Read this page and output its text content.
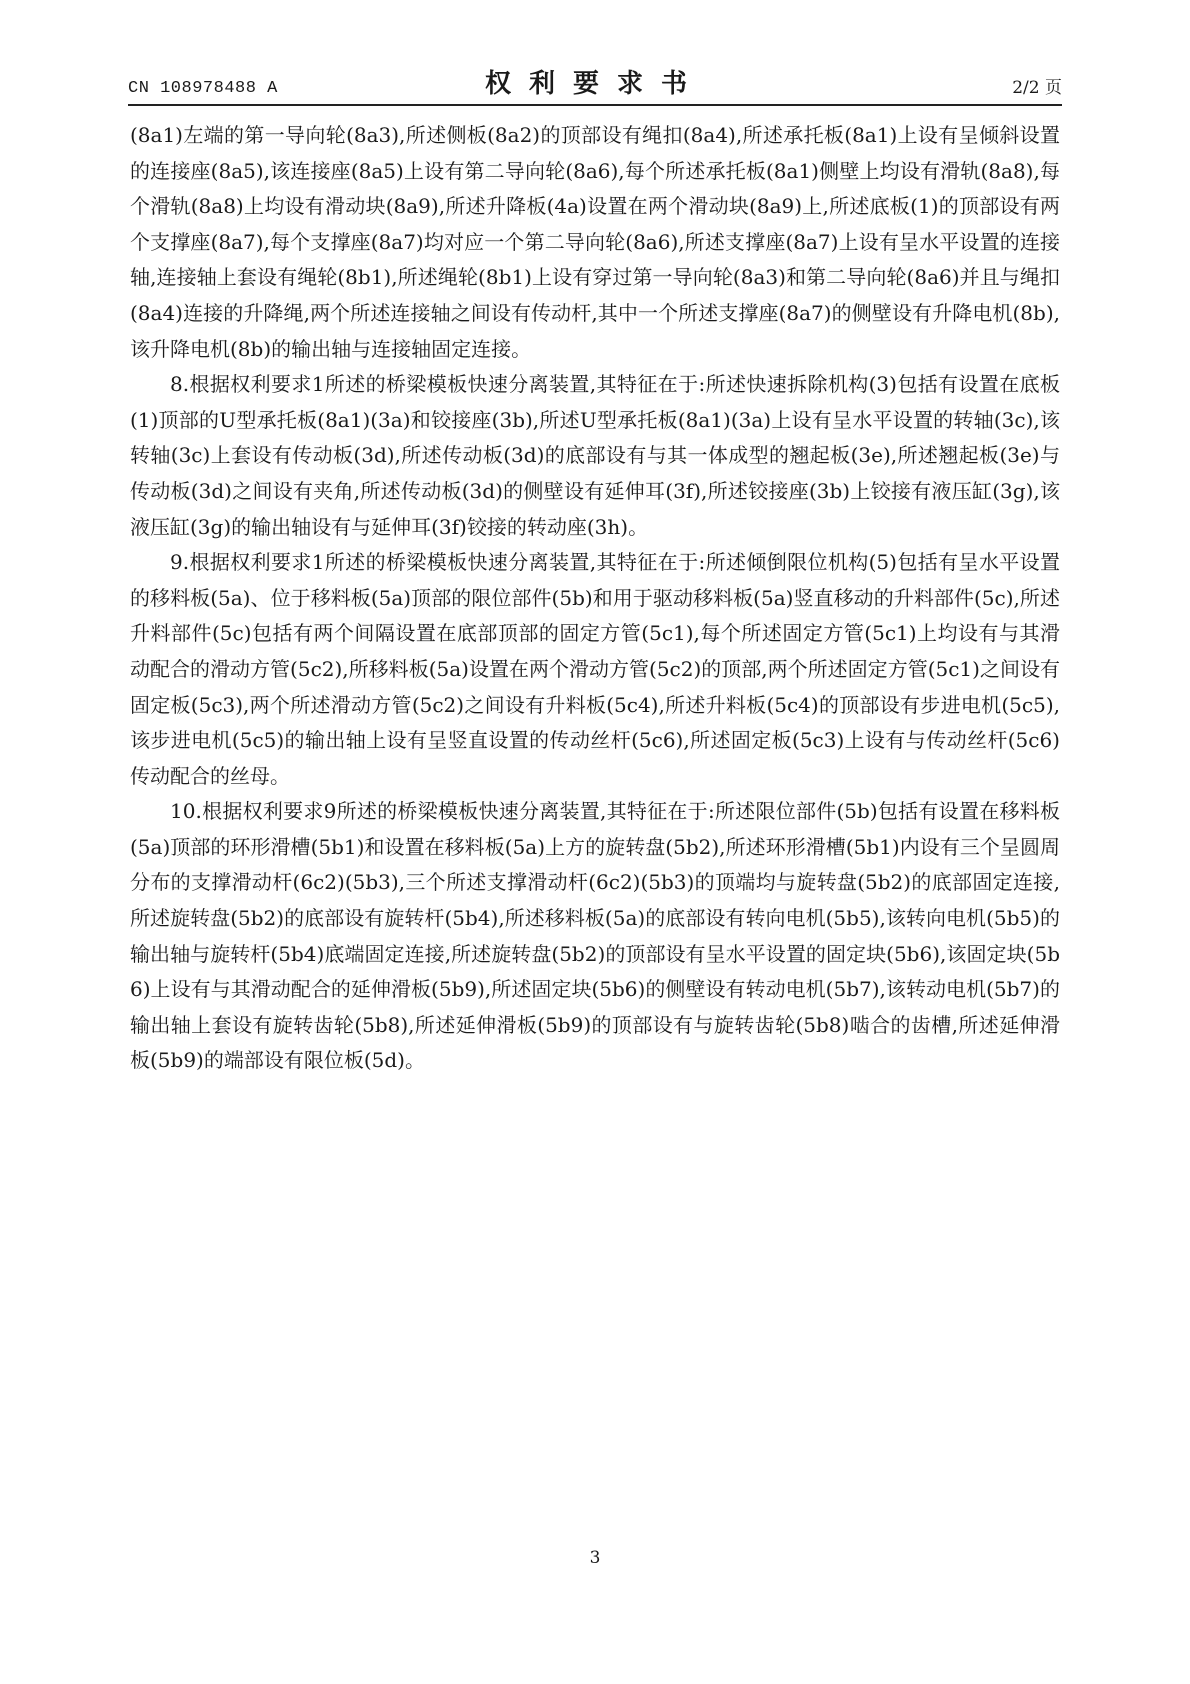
CN 108978488 A	权利要求书	2/2 页

(8a1)左端的第一导向轮(8a3),所述侧板(8a2)的顶部设有绳扣(8a4),所述承托板(8a1)上设有呈倾斜设置的连接座(8a5),该连接座(8a5)上设有第二导向轮(8a6),每个所述承托板(8a1)侧壁上均设有滑轨(8a8),每个滑轨(8a8)上均设有滑动块(8a9),所述升降板(4a)设置在两个滑动块(8a9)上,所述底板(1)的顶部设有两个支撑座(8a7),每个支撑座(8a7)均对应一个第二导向轮(8a6),所述支撑座(8a7)上设有呈水平设置的连接轴,连接轴上套设有绳轮(8b1),所述绳轮(8b1)上设有穿过第一导向轮(8a3)和第二导向轮(8a6)并且与绳扣(8a4)连接的升降绳,两个所述连接轴之间设有传动杆,其中一个所述支撑座(8a7)的侧壁设有升降电机(8b),该升降电机(8b)的输出轴与连接轴固定连接。

8.根据权利要求1所述的桥梁模板快速分离装置,其特征在于:所述快速拆除机构(3)包括有设置在底板(1)顶部的U型承托板(8a1)(3a)和铰接座(3b),所述U型承托板(8a1)(3a)上设有呈水平设置的转轴(3c),该转轴(3c)上套设有传动板(3d),所述传动板(3d)的底部设有与其一体成型的翘起板(3e),所述翘起板(3e)与传动板(3d)之间设有夹角,所述传动板(3d)的侧壁设有延伸耳(3f),所述铰接座(3b)上铰接有液压缸(3g),该液压缸(3g)的输出轴设有与延伸耳(3f)铰接的转动座(3h)。

9.根据权利要求1所述的桥梁模板快速分离装置,其特征在于:所述倾倒限位机构(5)包括有呈水平设置的移料板(5a)、位于移料板(5a)顶部的限位部件(5b)和用于驱动移料板(5a)竖直移动的升料部件(5c),所述升料部件(5c)包括有两个间隔设置在底部顶部的固定方管(5c1),每个所述固定方管(5c1)上均设有与其滑动配合的滑动方管(5c2),所移料板(5a)设置在两个滑动方管(5c2)的顶部,两个所述固定方管(5c1)之间设有固定板(5c3),两个所述滑动方管(5c2)之间设有升料板(5c4),所述升料板(5c4)的顶部设有步进电机(5c5),该步进电机(5c5)的输出轴上设有呈竖直设置的传动丝杆(5c6),所述固定板(5c3)上设有与传动丝杆(5c6)传动配合的丝母。

10.根据权利要求9所述的桥梁模板快速分离装置,其特征在于:所述限位部件(5b)包括有设置在移料板(5a)顶部的环形滑槽(5b1)和设置在移料板(5a)上方的旋转盘(5b2),所述环形滑槽(5b1)内设有三个呈圆周分布的支撑滑动杆(6c2)(5b3),三个所述支撑滑动杆(6c2)(5b3)的顶端均与旋转盘(5b2)的底部固定连接,所述旋转盘(5b2)的底部设有旋转杆(5b4),所述移料板(5a)的底部设有转向电机(5b5),该转向电机(5b5)的输出轴与旋转杆(5b4)底端固定连接,所述旋转盘(5b2)的顶部设有呈水平设置的固定块(5b6),该固定块(5b6)上设有与其滑动配合的延伸滑板(5b9),所述固定块(5b6)的侧壁设有转动电机(5b7),该转动电机(5b7)的输出轴上套设有旋转齿轮(5b8),所述延伸滑板(5b9)的顶部设有与旋转齿轮(5b8)啮合的齿槽,所述延伸滑板(5b9)的端部设有限位板(5d)。

3
